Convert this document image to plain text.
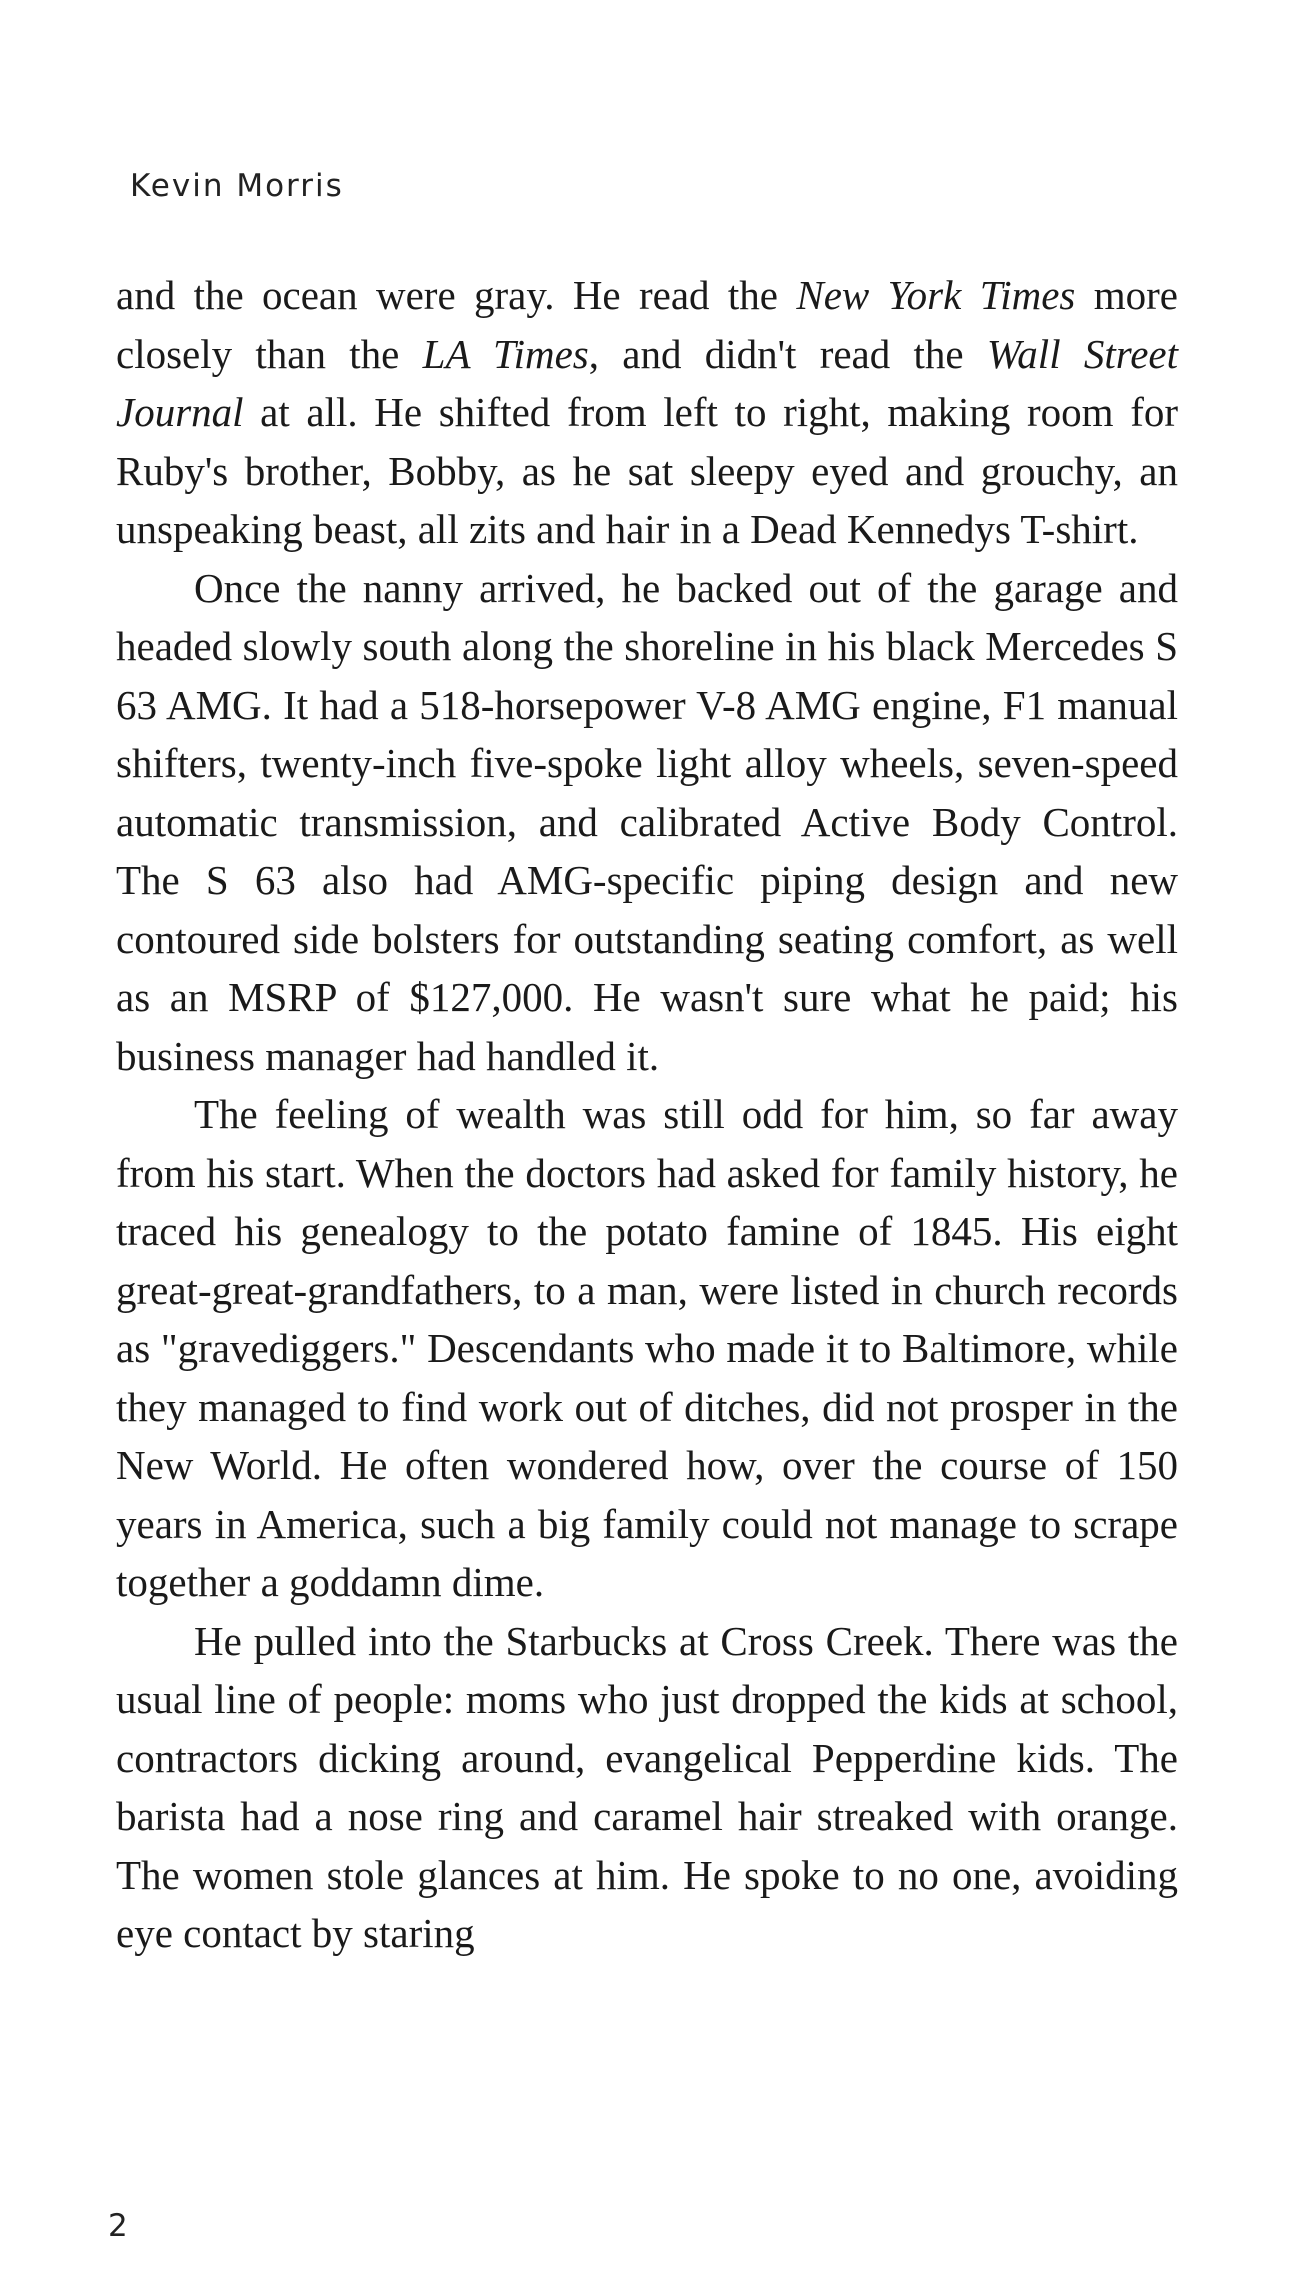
Kevin Morris

and the ocean were gray. He read the New York Times more closely than the LA Times, and didn't read the Wall Street Journal at all. He shifted from left to right, making room for Ruby's brother, Bobby, as he sat sleepy eyed and grouchy, an unspeaking beast, all zits and hair in a Dead Kennedys T-shirt.

Once the nanny arrived, he backed out of the garage and headed slowly south along the shoreline in his black Mercedes S 63 AMG. It had a 518-horsepower V-8 AMG engine, F1 manual shifters, twenty-inch five-spoke light alloy wheels, seven-speed automatic transmission, and calibrated Active Body Control. The S 63 also had AMG-specific piping design and new contoured side bolsters for outstanding seating comfort, as well as an MSRP of $127,000. He wasn't sure what he paid; his business manager had handled it.

The feeling of wealth was still odd for him, so far away from his start. When the doctors had asked for family history, he traced his genealogy to the potato famine of 1845. His eight great-great-grandfathers, to a man, were listed in church records as "gravediggers." Descendants who made it to Baltimore, while they managed to find work out of ditches, did not prosper in the New World. He often wondered how, over the course of 150 years in America, such a big family could not manage to scrape together a goddamn dime.

He pulled into the Starbucks at Cross Creek. There was the usual line of people: moms who just dropped the kids at school, contractors dicking around, evangelical Pepperdine kids. The barista had a nose ring and caramel hair streaked with orange. The women stole glances at him. He spoke to no one, avoiding eye contact by staring

2
